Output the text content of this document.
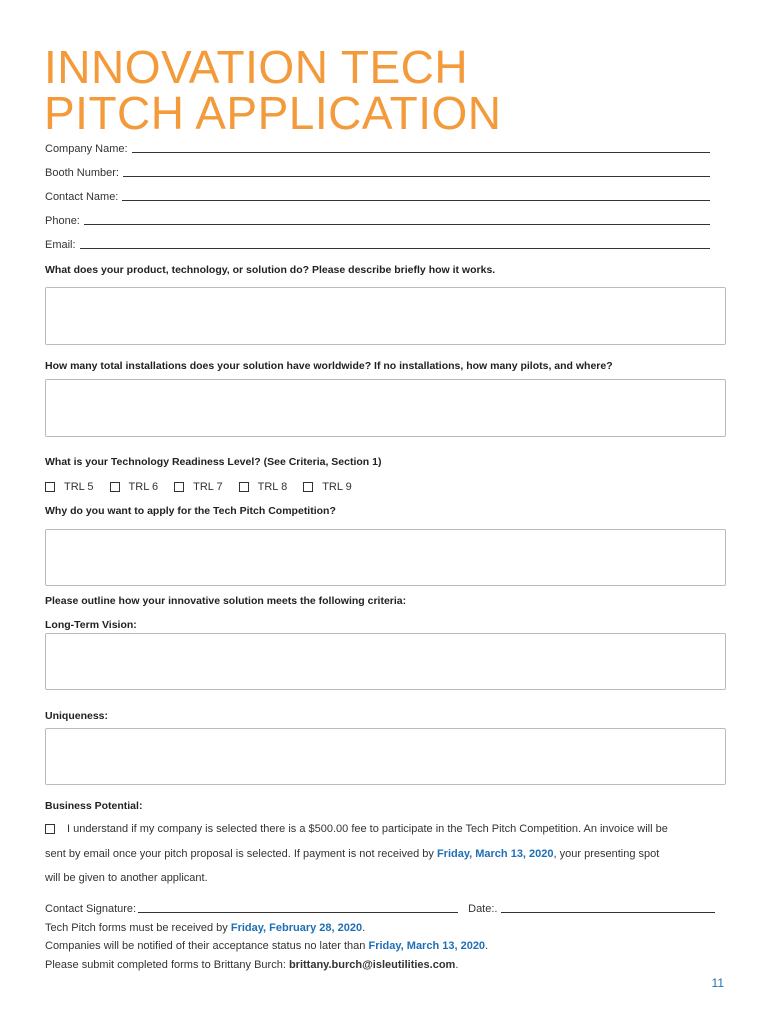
INNOVATION TECH
PITCH APPLICATION
Company Name:
Booth Number:
Contact Name:
Phone:
Email:
What does your product, technology, or solution do? Please describe briefly how it works.
How many total installations does your solution have worldwide? If no installations, how many pilots, and where?
What is your Technology Readiness Level? (See Criteria, Section 1)
TRL 5	TRL 6	TRL 7	TRL 8	TRL 9
Why do you want to apply for the Tech Pitch Competition?
Please outline how your innovative solution meets the following criteria:
Long-Term Vision:
Uniqueness:
Business Potential:
I understand if my company is selected there is a $500.00 fee to participate in the Tech Pitch Competition. An invoice will be
sent by email once your pitch proposal is selected. If payment is not received by Friday, March 13, 2020, your presenting spot
will be given to another applicant.
Contact Signature:	Date:.
Tech Pitch forms must be received by Friday, February 28, 2020.
Companies will be notified of their acceptance status no later than Friday, March 13, 2020.
Please submit completed forms to Brittany Burch: brittany.burch@isleutilities.com.
11
